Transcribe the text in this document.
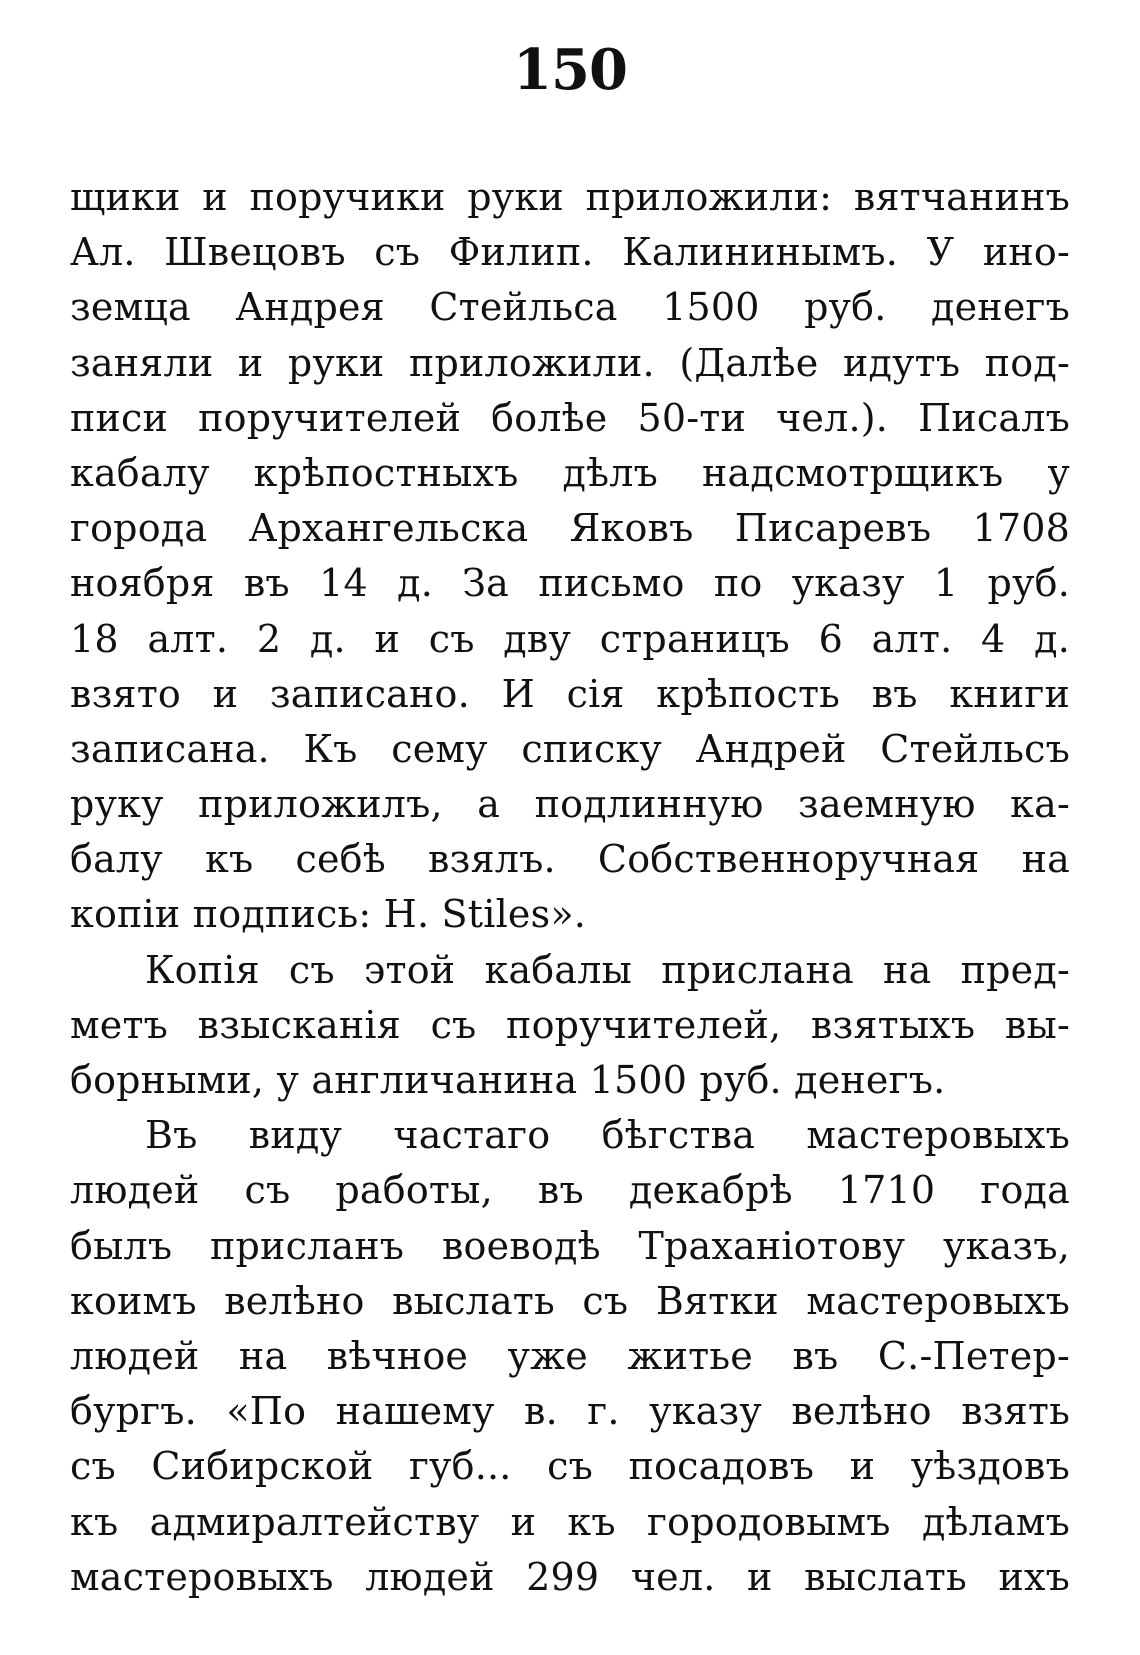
150
щики и поручики руки приложили: вятчанинъ
Ал. Швецовъ съ Филип. Калининымъ. У ино-
земца Андрея Стейльса 1500 руб. денегъ
заняли и руки приложили. (Далѣе идутъ под-
писи поручителей болѣе 50-ти чел.). Писалъ
кабалу крѣпостныхъ дѣлъ надсмотрщикъ у
города Архангельска Яковъ Писаревъ 1708
ноября въ 14 д. За письмо по указу 1 руб.
18 алт. 2 д. и съ дву страницъ 6 алт. 4 д.
взято и записано. И сія крѣпость въ книги
записана. Къ сему списку Андрей Стейльсъ
руку приложилъ, а подлинную заемную ка-
балу къ себѣ взялъ. Собственноручная на
копіи подпись: H. Stiles».
Копія съ этой кабалы прислана на пред-
метъ взысканія съ поручителей, взятыхъ вы-
борными, у англичанина 1500 руб. денегъ.
Въ виду частаго бѣгства мастеровыхъ
людей съ работы, въ декабрѣ 1710 года
былъ присланъ воеводѣ Трахaніотову указъ,
коимъ велѣно выслать съ Вятки мастеровыхъ
людей на вѣчное уже житье въ С.-Петер-
бургъ. «По нашему в. г. указу велѣно взять
съ Сибирской губ... съ посадовъ и уѣздовъ
къ адмиралтейству и къ городовымъ дѣламъ
мастеровыхъ людей 299 чел. и выслать ихъ
